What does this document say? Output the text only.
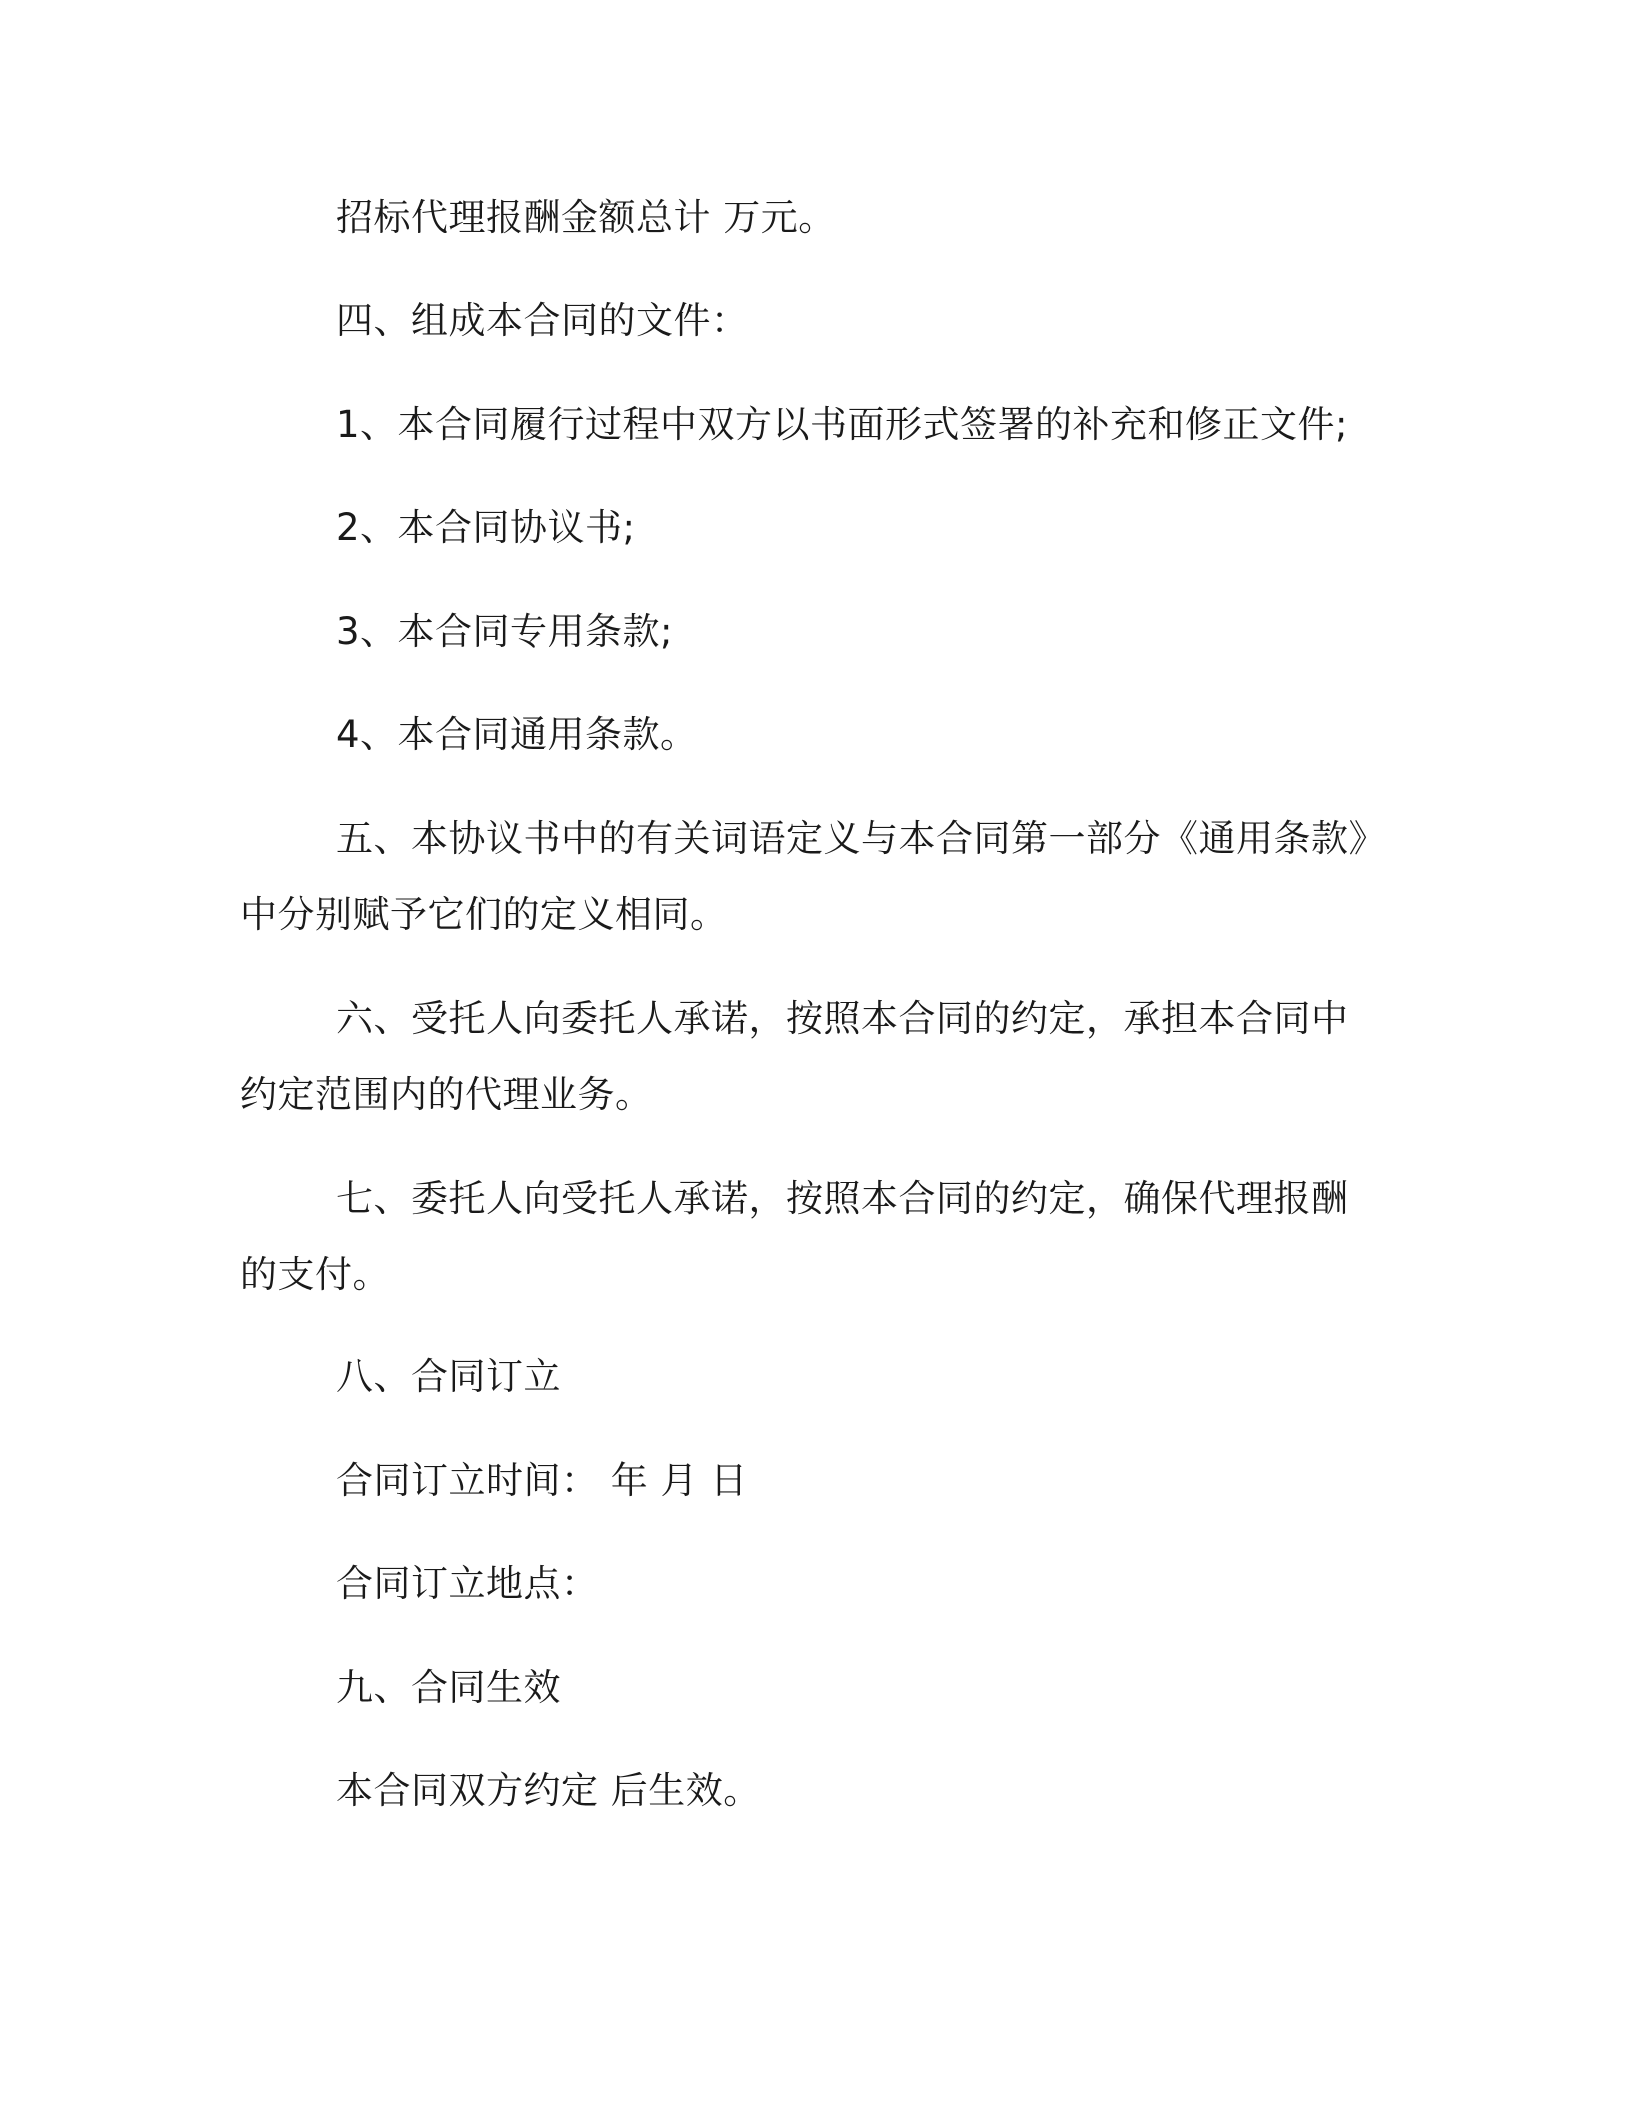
招标代理报酬金额总计 万元。
四、组成本合同的文件：
1、本合同履行过程中双方以书面形式签署的补充和修正文件;
2、本合同协议书;
3、本合同专用条款;
4、本合同通用条款。
五、本协议书中的有关词语定义与本合同第一部分《通用条款》中分别赋予它们的定义相同。
六、受托人向委托人承诺，按照本合同的约定，承担本合同中约定范围内的代理业务。
七、委托人向受托人承诺，按照本合同的约定，确保代理报酬的支付。
八、合同订立
合同订立时间： 年 月 日
合同订立地点：
九、合同生效
本合同双方约定 后生效。
